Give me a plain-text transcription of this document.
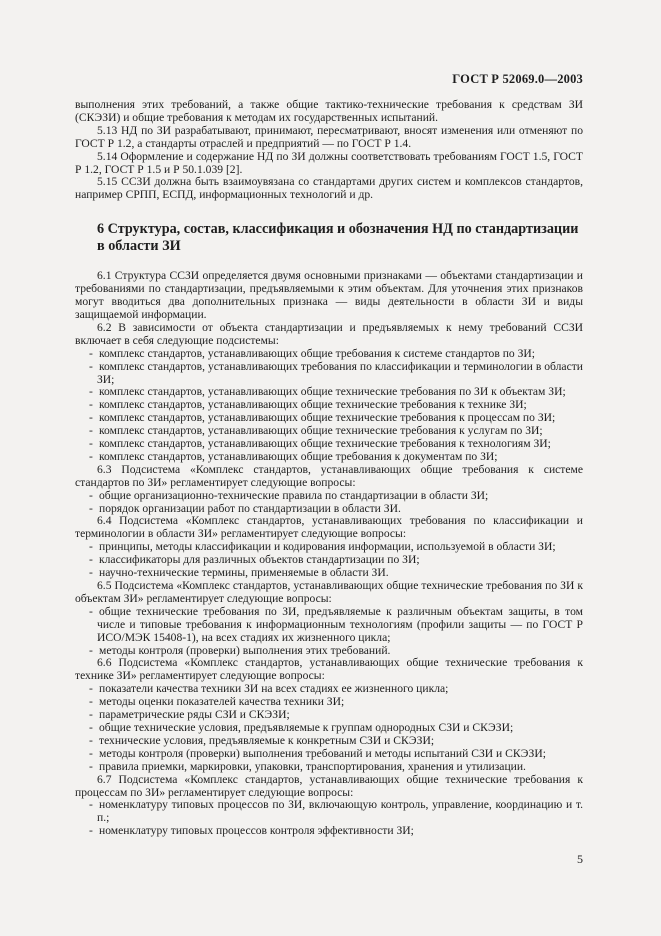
ГОСТ Р 52069.0—2003

выполнения этих требований, а также общие тактико-технические требования к средствам ЗИ (СКЭЗИ) и общие требования к методам их государственных испытаний.

5.13 НД по ЗИ разрабатывают, принимают, пересматривают, вносят изменения или отменяют по ГОСТ Р 1.2, а стандарты отраслей и предприятий — по ГОСТ Р 1.4.

5.14 Оформление и содержание НД по ЗИ должны соответствовать требованиям ГОСТ 1.5, ГОСТ Р 1.2, ГОСТ Р 1.5 и Р 50.1.039 [2].

5.15 ССЗИ должна быть взаимоувязана со стандартами других систем и комплексов стандартов, например СРПП, ЕСПД, информационных технологий и др.

6 Структура, состав, классификация и обозначения НД по стандартизации в области ЗИ

6.1 Структура ССЗИ определяется двумя основными признаками — объектами стандартизации и требованиями по стандартизации, предъявляемыми к этим объектам. Для уточнения этих признаков могут вводиться два дополнительных признака — виды деятельности в области ЗИ и виды защищаемой информации.

6.2 В зависимости от объекта стандартизации и предъявляемых к нему требований ССЗИ включает в себя следующие подсистемы:

- комплекс стандартов, устанавливающих общие требования к системе стандартов по ЗИ;

- комплекс стандартов, устанавливающих требования по классификации и терминологии в области ЗИ;

- комплекс стандартов, устанавливающих общие технические требования по ЗИ к объектам ЗИ;

- комплекс стандартов, устанавливающих общие технические требования к технике ЗИ;

- комплекс стандартов, устанавливающих общие технические требования к процессам по ЗИ;

- комплекс стандартов, устанавливающих общие технические требования к услугам по ЗИ;

- комплекс стандартов, устанавливающих общие технические требования к технологиям ЗИ;

- комплекс стандартов, устанавливающих общие требования к документам по ЗИ;

6.3 Подсистема «Комплекс стандартов, устанавливающих общие требования к системе стандартов по ЗИ» регламентирует следующие вопросы:

- общие организационно-технические правила по стандартизации в области ЗИ;

- порядок организации работ по стандартизации в области ЗИ.

6.4 Подсистема «Комплекс стандартов, устанавливающих требования по классификации и терминологии в области ЗИ» регламентирует следующие вопросы:

- принципы, методы классификации и кодирования информации, используемой в области ЗИ;

- классификаторы для различных объектов стандартизации по ЗИ;

- научно-технические термины, применяемые в области ЗИ.

6.5 Подсистема «Комплекс стандартов, устанавливающих общие технические требования по ЗИ к объектам ЗИ» регламентирует следующие вопросы:

- общие технические требования по ЗИ, предъявляемые к различным объектам защиты, в том числе и типовые требования к информационным технологиям (профили защиты — по ГОСТ Р ИСО/МЭК 15408-1), на всех стадиях их жизненного цикла;

- методы контроля (проверки) выполнения этих требований.

6.6 Подсистема «Комплекс стандартов, устанавливающих общие технические требования к технике ЗИ» регламентирует следующие вопросы:

- показатели качества техники ЗИ на всех стадиях ее жизненного цикла;

- методы оценки показателей качества техники ЗИ;

- параметрические ряды СЗИ и СКЭЗИ;

- общие технические условия, предъявляемые к группам однородных СЗИ и СКЭЗИ;

- технические условия, предъявляемые к конкретным СЗИ и СКЭЗИ;

- методы контроля (проверки) выполнения требований и методы испытаний СЗИ и СКЭЗИ;

- правила приемки, маркировки, упаковки, транспортирования, хранения и утилизации.

6.7 Подсистема «Комплекс стандартов, устанавливающих общие технические требования к процессам по ЗИ» регламентирует следующие вопросы:

- номенклатуру типовых процессов по ЗИ, включающую контроль, управление, координацию и т. п.;

- номенклатуру типовых процессов контроля эффективности ЗИ;

5
